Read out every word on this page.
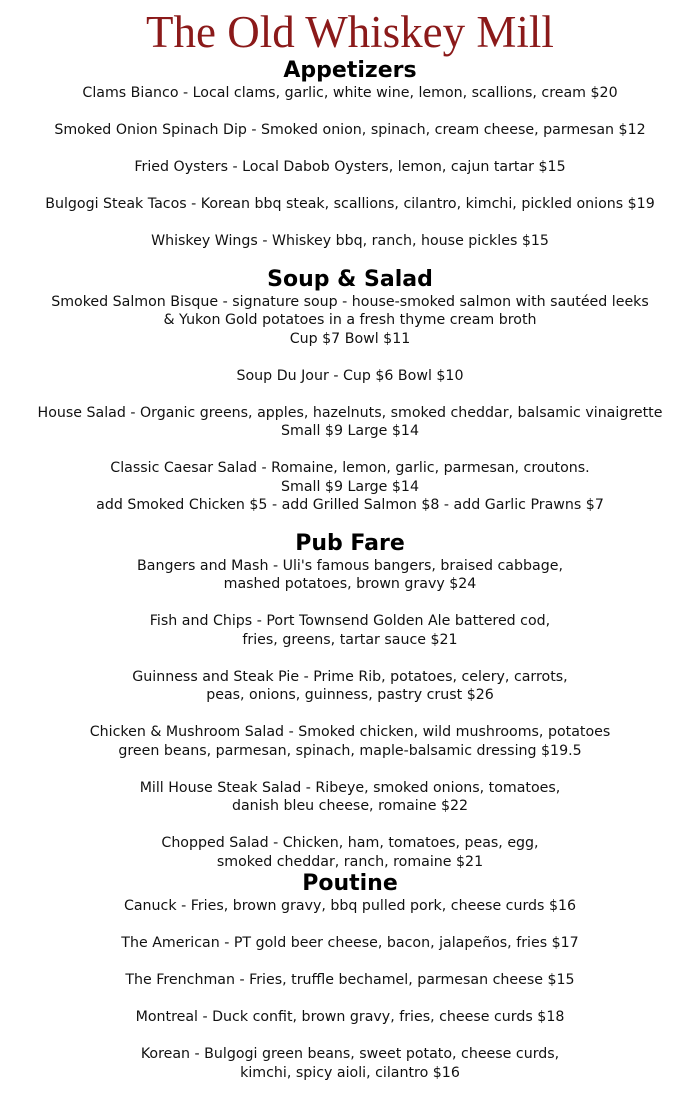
The Old Whiskey Mill
Appetizers
Clams Bianco - Local clams, garlic, white wine, lemon, scallions, cream $20
Smoked Onion Spinach Dip - Smoked onion, spinach, cream cheese, parmesan $12
Fried Oysters - Local Dabob Oysters, lemon, cajun tartar $15
Bulgogi Steak Tacos - Korean bbq steak, scallions, cilantro, kimchi, pickled onions $19
Whiskey Wings - Whiskey bbq, ranch, house pickles $15
Soup & Salad
Smoked Salmon Bisque - signature soup - house-smoked salmon with sautéed leeks
& Yukon Gold potatoes in a fresh thyme cream broth
Cup $7 Bowl $11
Soup Du Jour - Cup $6 Bowl $10
House Salad - Organic greens, apples, hazelnuts, smoked cheddar, balsamic vinaigrette
Small $9 Large $14
Classic Caesar Salad - Romaine, lemon, garlic, parmesan, croutons.
Small $9 Large $14
add Smoked Chicken $5 - add Grilled Salmon $8 - add Garlic Prawns $7
Pub Fare
Bangers and Mash - Uli's famous bangers, braised cabbage,
mashed potatoes, brown gravy $24
Fish and Chips - Port Townsend Golden Ale battered cod,
fries, greens, tartar sauce $21
Guinness and Steak Pie - Prime Rib, potatoes, celery, carrots,
peas, onions, guinness, pastry crust $26
Chicken & Mushroom Salad - Smoked chicken, wild mushrooms, potatoes
green beans, parmesan, spinach, maple-balsamic dressing $19.5
Mill House Steak Salad - Ribeye, smoked onions, tomatoes,
danish bleu cheese, romaine $22
Chopped Salad - Chicken, ham, tomatoes, peas, egg,
smoked cheddar, ranch, romaine $21
Poutine
Canuck - Fries, brown gravy, bbq pulled pork, cheese curds $16
The American - PT gold beer cheese, bacon, jalapeños, fries $17
The Frenchman - Fries, truffle bechamel, parmesan cheese $15
Montreal - Duck confit, brown gravy, fries, cheese curds $18
Korean - Bulgogi green beans, sweet potato, cheese curds,
kimchi, spicy aioli, cilantro $16
